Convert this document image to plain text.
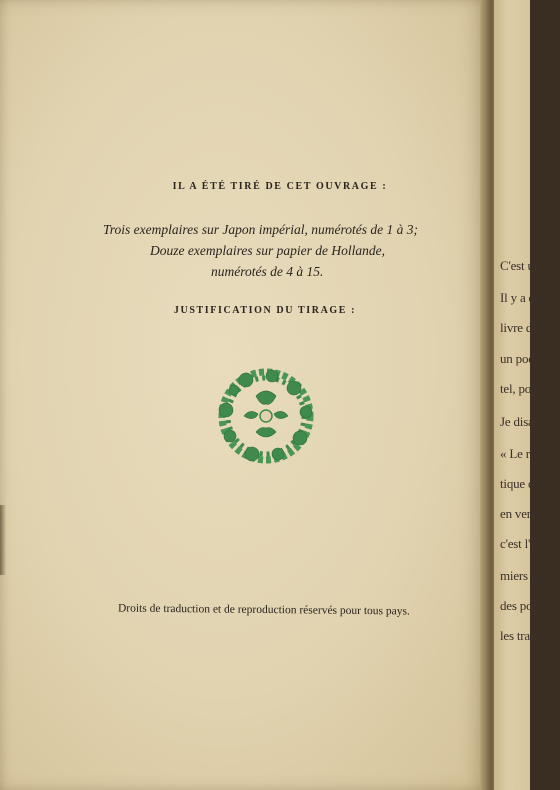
IL A ÉTÉ TIRÉ DE CET OUVRAGE :
Trois exemplaires sur Japon impérial, numérotés de 1 à 3;
Douze exemplaires sur papier de Hollande,
numérotés de 4 à 15.
JUSTIFICATION DU TIRAGE :
Droits de traduction et de reproduction réservés pour tous pays.
C'est un
Il y a déj
livre de M
un poème
tel, pour é
Je disais
« Le rom
tique que
en vers : c'
c'est l'Enéi
miers roma
des poème
les transpo
